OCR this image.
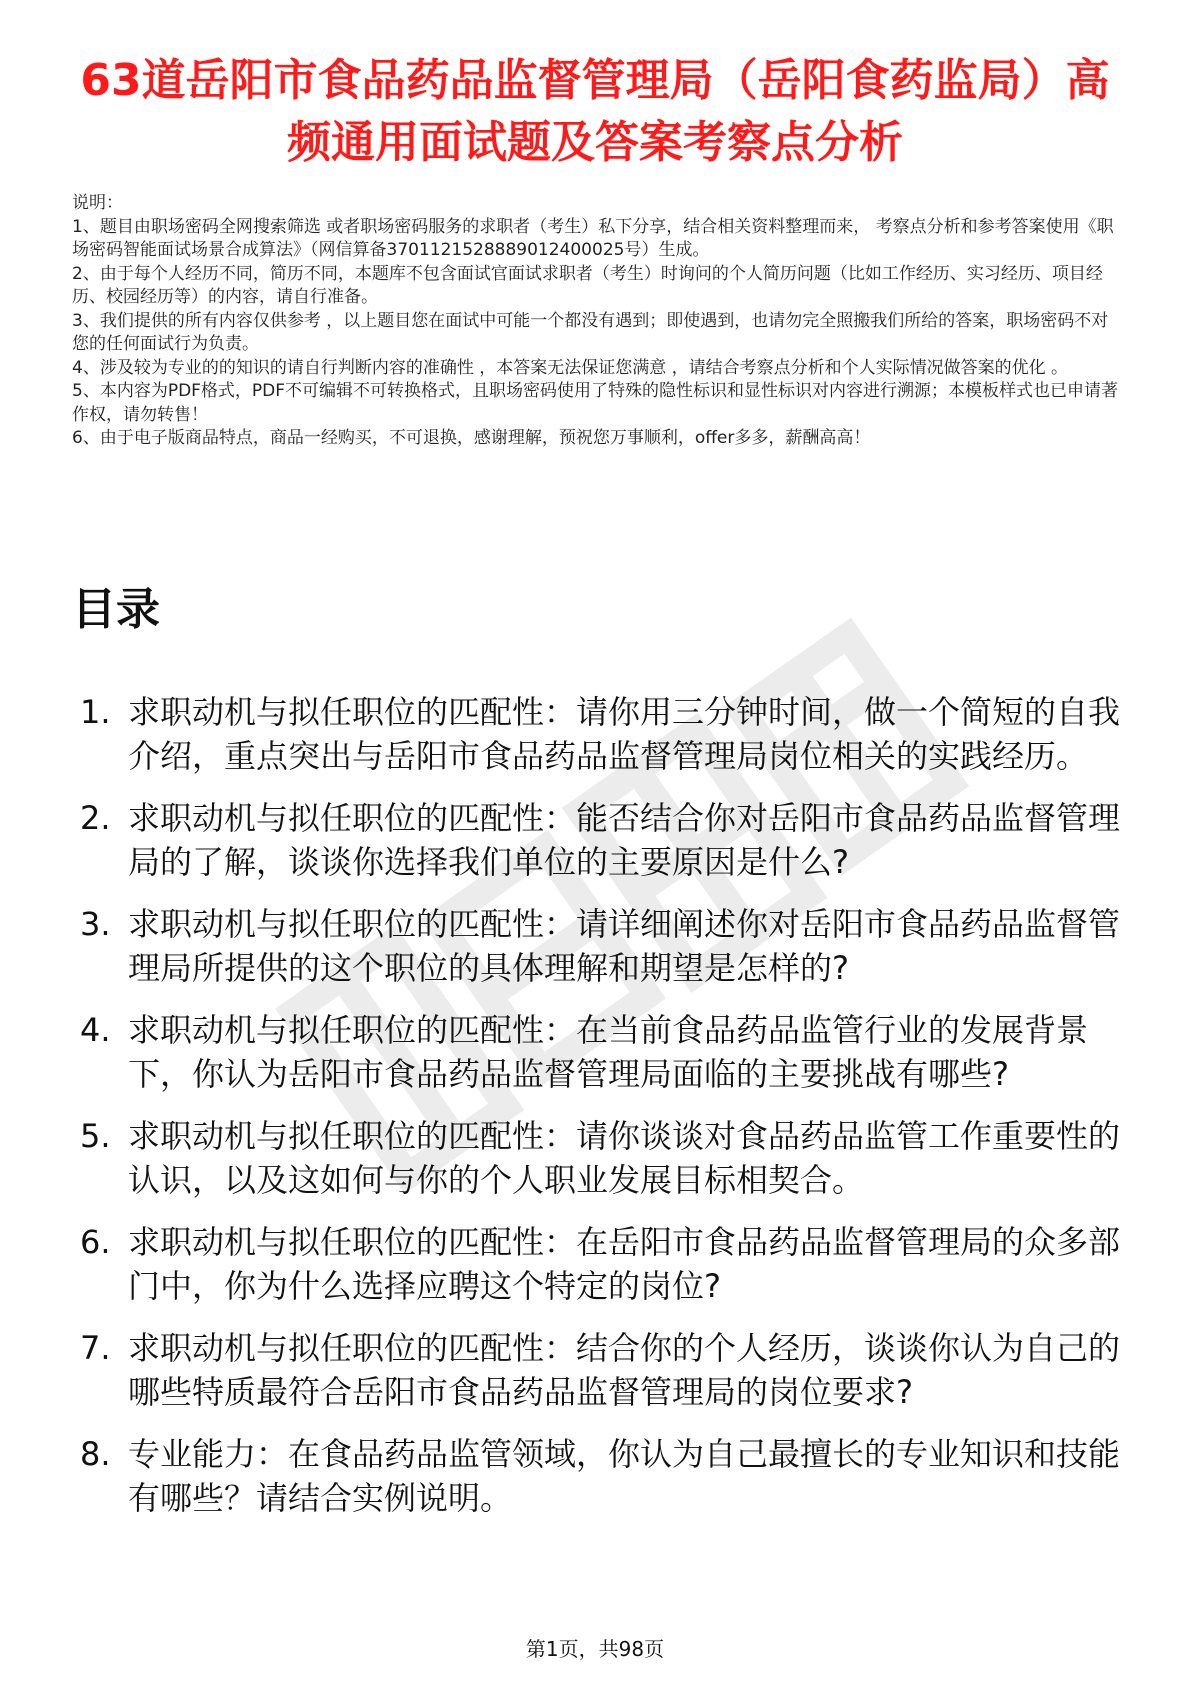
63道岳阳市食品药品监督管理局（岳阳食药监局）高频通用面试题及答案考察点分析
说明：
1、题目由职场密码全网搜索筛选 或者职场密码服务的求职者（考生）私下分享，结合相关资料整理而来， 考察点分析和参考答案使用《职场密码智能面试场景合成算法》（网信算备3701121528889012400025号）生成。
2、由于每个人经历不同，简历不同，本题库不包含面试官面试求职者（考生）时询问的个人简历问题（比如工作经历、实习经历、项目经历、校园经历等）的内容，请自行准备。
3、我们提供的所有内容仅供参考 ，以上题目您在面试中可能一个都没有遇到；即使遇到，也请勿完全照搬我们所给的答案，职场密码不对您的任何面试行为负责。
4、涉及较为专业的的知识的请自行判断内容的准确性 ，本答案无法保证您满意 ，请结合考察点分析和个人实际情况做答案的优化 。
5、本内容为PDF格式，PDF不可编辑不可转换格式，且职场密码使用了特殊的隐性标识和显性标识对内容进行溯源；本模板样式也已申请著作权，请勿转售！
6、由于电子版商品特点，商品一经购买，不可退换，感谢理解，预祝您万事顺利，offer多多，薪酬高高！
目录
1. 求职动机与拟任职位的匹配性：请你用三分钟时间，做一个简短的自我介绍，重点突出与岳阳市食品药品监督管理局岗位相关的实践经历。
2. 求职动机与拟任职位的匹配性：能否结合你对岳阳市食品药品监督管理局的了解，谈谈你选择我们单位的主要原因是什么?
3. 求职动机与拟任职位的匹配性：请详细阐述你对岳阳市食品药品监督管理局所提供的这个职位的具体理解和期望是怎样的?
4. 求职动机与拟任职位的匹配性：在当前食品药品监管行业的发展背景下，你认为岳阳市食品药品监督管理局面临的主要挑战有哪些?
5. 求职动机与拟任职位的匹配性：请你谈谈对食品药品监管工作重要性的认识，以及这如何与你的个人职业发展目标相契合。
6. 求职动机与拟任职位的匹配性：在岳阳市食品药品监督管理局的众多部门中，你为什么选择应聘这个特定的岗位?
7. 求职动机与拟任职位的匹配性：结合你的个人经历，谈谈你认为自己的哪些特质最符合岳阳市食品药品监督管理局的岗位要求?
8. 专业能力：在食品药品监管领域，你认为自己最擅长的专业知识和技能有哪些？请结合实例说明。
第1页，共98页
